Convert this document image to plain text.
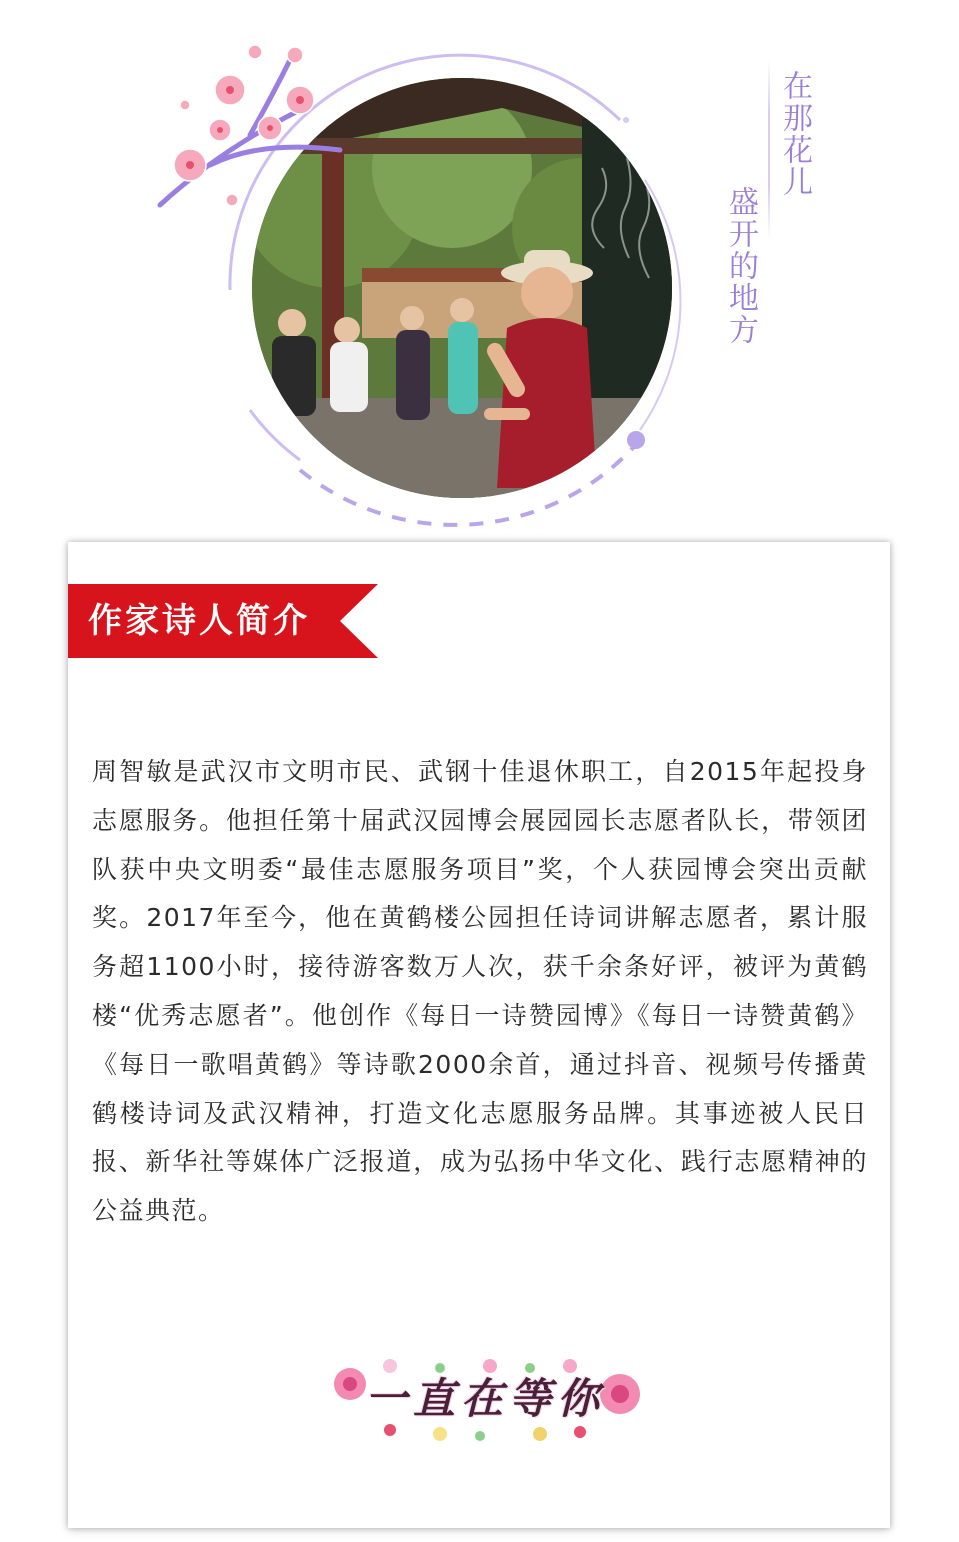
在那花儿
盛开的地方
作家诗人简介

周智敏是武汉市文明市民、武钢十佳退休职工，自2015年起投身志愿服务。他担任第十届武汉园博会展园园长志愿者队长，带领团队获中央文明委“最佳志愿服务项目”奖，个人获园博会突出贡献奖。2017年至今，他在黄鹤楼公园担任诗词讲解志愿者，累计服务超1100小时，接待游客数万人次，获千余条好评，被评为黄鹤楼“优秀志愿者”。他创作《每日一诗赞园博》《每日一诗赞黄鹤》《每日一歌唱黄鹤》等诗歌2000余首，通过抖音、视频号传播黄鹤楼诗词及武汉精神，打造文化志愿服务品牌。其事迹被人民日报、新华社等媒体广泛报道，成为弘扬中华文化、践行志愿精神的公益典范。

一直在等你
